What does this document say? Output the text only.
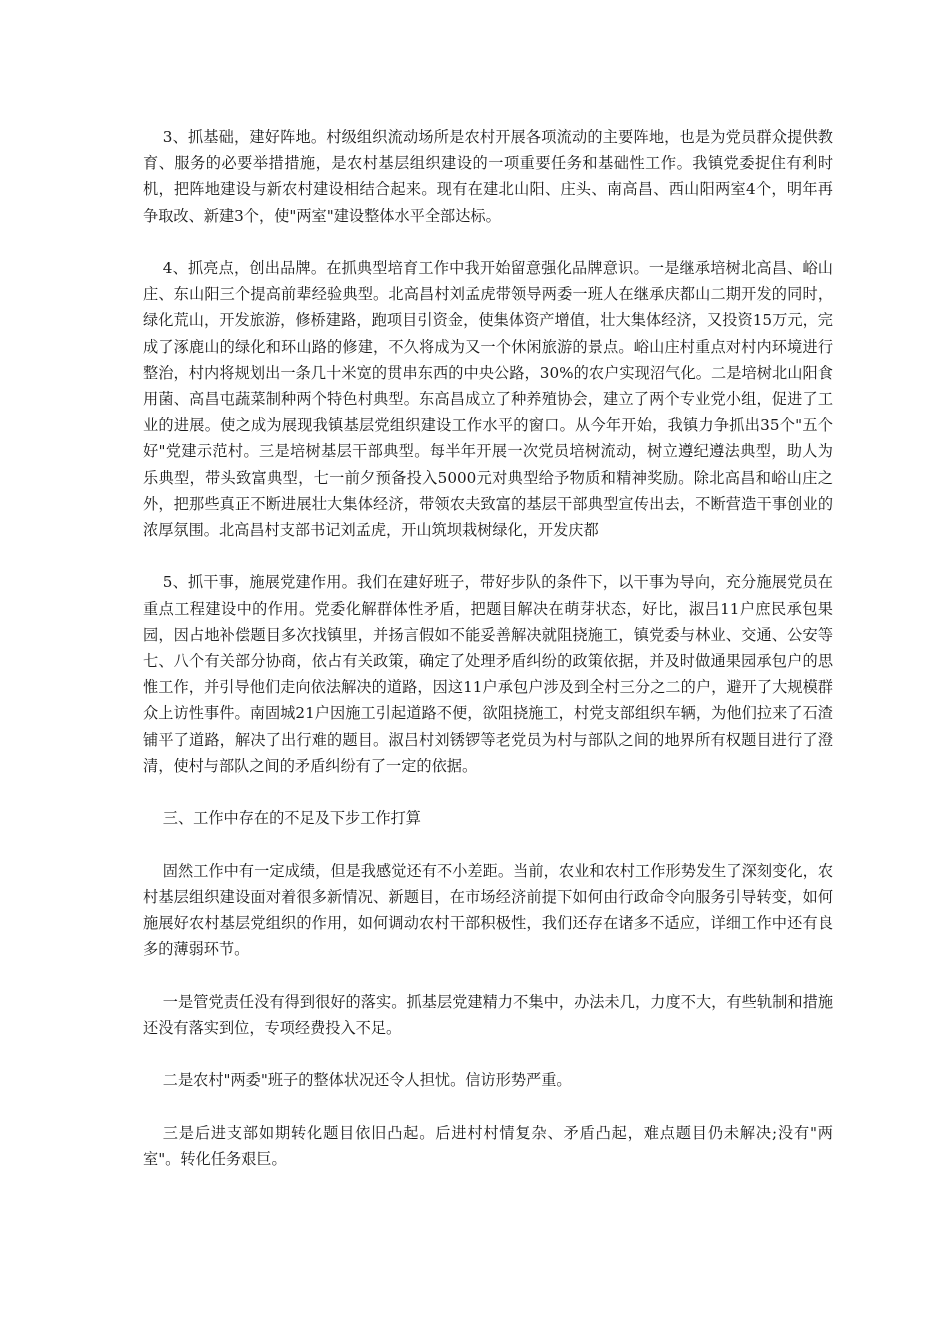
3、抓基础，建好阵地。村级组织流动场所是农村开展各项流动的主要阵地，也是为党员群众提供教育、服务的必要举措措施，是农村基层组织建设的一项重要任务和基础性工作。我镇党委捉住有利时机，把阵地建设与新农村建设相结合起来。现有在建北山阳、庄头、南高昌、西山阳两室4个，明年再争取改、新建3个，使"两室"建设整体水平全部达标。

4、抓亮点，创出品牌。在抓典型培育工作中我开始留意强化品牌意识。一是继承培树北高昌、峪山庄、东山阳三个提高前辈经验典型。北高昌村刘孟虎带领导两委一班人在继承庆都山二期开发的同时，绿化荒山，开发旅游，修桥建路，跑项目引资金，使集体资产增值，壮大集体经济，又投资15万元，完成了涿鹿山的绿化和环山路的修建，不久将成为又一个休闲旅游的景点。峪山庄村重点对村内环境进行整治，村内将规划出一条几十米宽的贯串东西的中央公路，30%的农户实现沼气化。二是培树北山阳食用菌、高昌屯蔬菜制种两个特色村典型。东高昌成立了种养殖协会，建立了两个专业党小组，促进了工业的进展。使之成为展现我镇基层党组织建设工作水平的窗口。从今年开始，我镇力争抓出35个"五个好"党建示范村。三是培树基层干部典型。每半年开展一次党员培树流动，树立遵纪遵法典型，助人为乐典型，带头致富典型，七一前夕预备投入5000元对典型给予物质和精神奖励。除北高昌和峪山庄之外，把那些真正不断进展壮大集体经济，带领农夫致富的基层干部典型宣传出去，不断营造干事创业的浓厚氛围。北高昌村支部书记刘孟虎，开山筑坝栽树绿化，开发庆都

5、抓干事，施展党建作用。我们在建好班子，带好步队的条件下，以干事为导向，充分施展党员在重点工程建设中的作用。党委化解群体性矛盾，把题目解决在萌芽状态，好比，淑吕11户庶民承包果园，因占地补偿题目多次找镇里，并扬言假如不能妥善解决就阻挠施工，镇党委与林业、交通、公安等七、八个有关部分协商，依占有关政策，确定了处理矛盾纠纷的政策依据，并及时做通果园承包户的思惟工作，并引导他们走向依法解决的道路，因这11户承包户涉及到全村三分之二的户，避开了大规模群众上访性事件。南固城21户因施工引起道路不便，欲阻挠施工，村党支部组织车辆，为他们拉来了石渣铺平了道路，解决了出行难的题目。淑吕村刘锈锣等老党员为村与部队之间的地界所有权题目进行了澄清，使村与部队之间的矛盾纠纷有了一定的依据。

三、工作中存在的不足及下步工作打算

固然工作中有一定成绩，但是我感觉还有不小差距。当前，农业和农村工作形势发生了深刻变化，农村基层组织建设面对着很多新情况、新题目，在市场经济前提下如何由行政命令向服务引导转变，如何施展好农村基层党组织的作用，如何调动农村干部积极性，我们还存在诸多不适应，详细工作中还有良多的薄弱环节。

一是管党责任没有得到很好的落实。抓基层党建精力不集中，办法未几，力度不大，有些轨制和措施还没有落实到位，专项经费投入不足。

二是农村"两委"班子的整体状况还令人担忧。信访形势严重。

三是后进支部如期转化题目依旧凸起。后进村村情复杂、矛盾凸起，难点题目仍未解决;没有"两室"。转化任务艰巨。
